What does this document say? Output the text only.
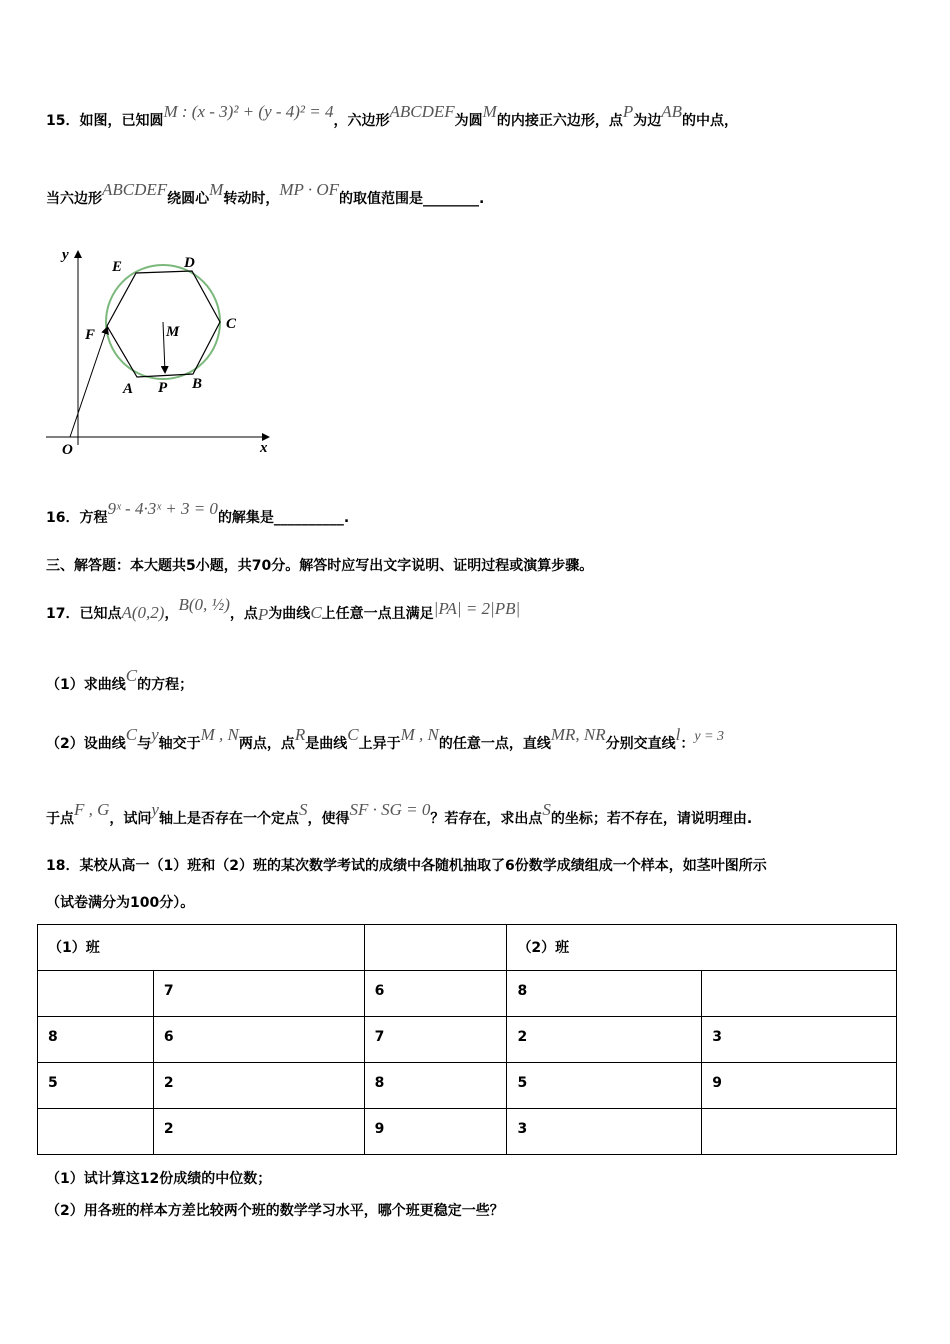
15．如图，已知圆M : (x - 3)² + (y - 4)² = 4，六边形ABCDEF为圆M的内接正六边形，点P为边AB的中点，
当六边形ABCDEF绕圆心M转动时，MP · OF的取值范围是________.
y
x
O
E	D
C
B
A
F	M
P
16．方程9ˣ - 4·3ˣ + 3 = 0的解集是__________.
三、解答题：本大题共5小题，共70分。解答时应写出文字说明、证明过程或演算步骤。
17．已知点A(0,2)，B(0, ½)，点P为曲线C上任意一点且满足|PA| = 2|PB|
（1）求曲线C的方程；
（2）设曲线C与y轴交于M , N两点，点R是曲线C上异于M , N的任意一点，直线MR, NR分别交直线l：y = 3
于点F , G，试问y轴上是否存在一个定点S，使得SF · SG = 0？若存在，求出点S的坐标；若不存在，请说明理由.
18．某校从高一（1）班和（2）班的某次数学考试的成绩中各随机抽取了6份数学成绩组成一个样本，如茎叶图所示
（试卷满分为100分）。
（1）班			（2）班	
	7	6	8	
8	6	7	2	3
5	2	8	5	9
	2	9	3	
（1）试计算这12份成绩的中位数；
（2）用各班的样本方差比较两个班的数学学习水平，哪个班更稳定一些？
